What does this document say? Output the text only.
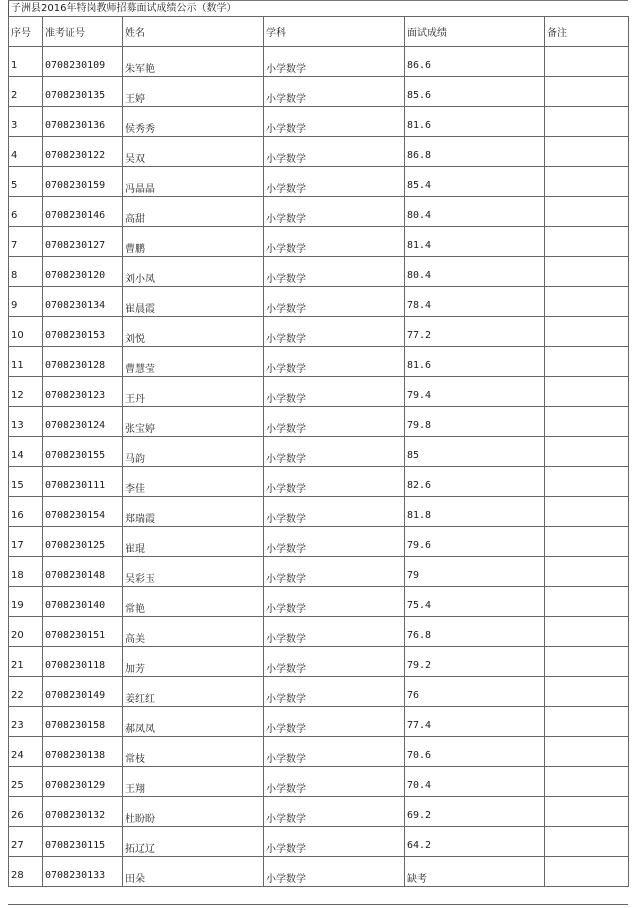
子洲县2016年特岗教师招募面试成绩公示（数学）
序号	准考证号	姓名	学科	面试成绩	备注
1	0708230109	朱军艳	小学数学	86.6	
2	0708230135	王婷	小学数学	85.6	
3	0708230136	侯秀秀	小学数学	81.6	
4	0708230122	吴双	小学数学	86.8	
5	0708230159	冯晶晶	小学数学	85.4	
6	0708230146	高甜	小学数学	80.4	
7	0708230127	曹鹏	小学数学	81.4	
8	0708230120	刘小凤	小学数学	80.4	
9	0708230134	崔晨霞	小学数学	78.4	
10	0708230153	刘悦	小学数学	77.2	
11	0708230128	曹慧莹	小学数学	81.6	
12	0708230123	王丹	小学数学	79.4	
13	0708230124	张宝婷	小学数学	79.8	
14	0708230155	马韵	小学数学	85	
15	0708230111	李佳	小学数学	82.6	
16	0708230154	郑瑞霞	小学数学	81.8	
17	0708230125	崔琨	小学数学	79.6	
18	0708230148	吴彩玉	小学数学	79	
19	0708230140	常艳	小学数学	75.4	
20	0708230151	高美	小学数学	76.8	
21	0708230118	加芳	小学数学	79.2	
22	0708230149	姜红红	小学数学	76	
23	0708230158	郝凤凤	小学数学	77.4	
24	0708230138	常枝	小学数学	70.6	
25	0708230129	王翔	小学数学	70.4	
26	0708230132	杜盼盼	小学数学	69.2	
27	0708230115	拓辽辽	小学数学	64.2	
28	0708230133	田朵	小学数学	缺考	
